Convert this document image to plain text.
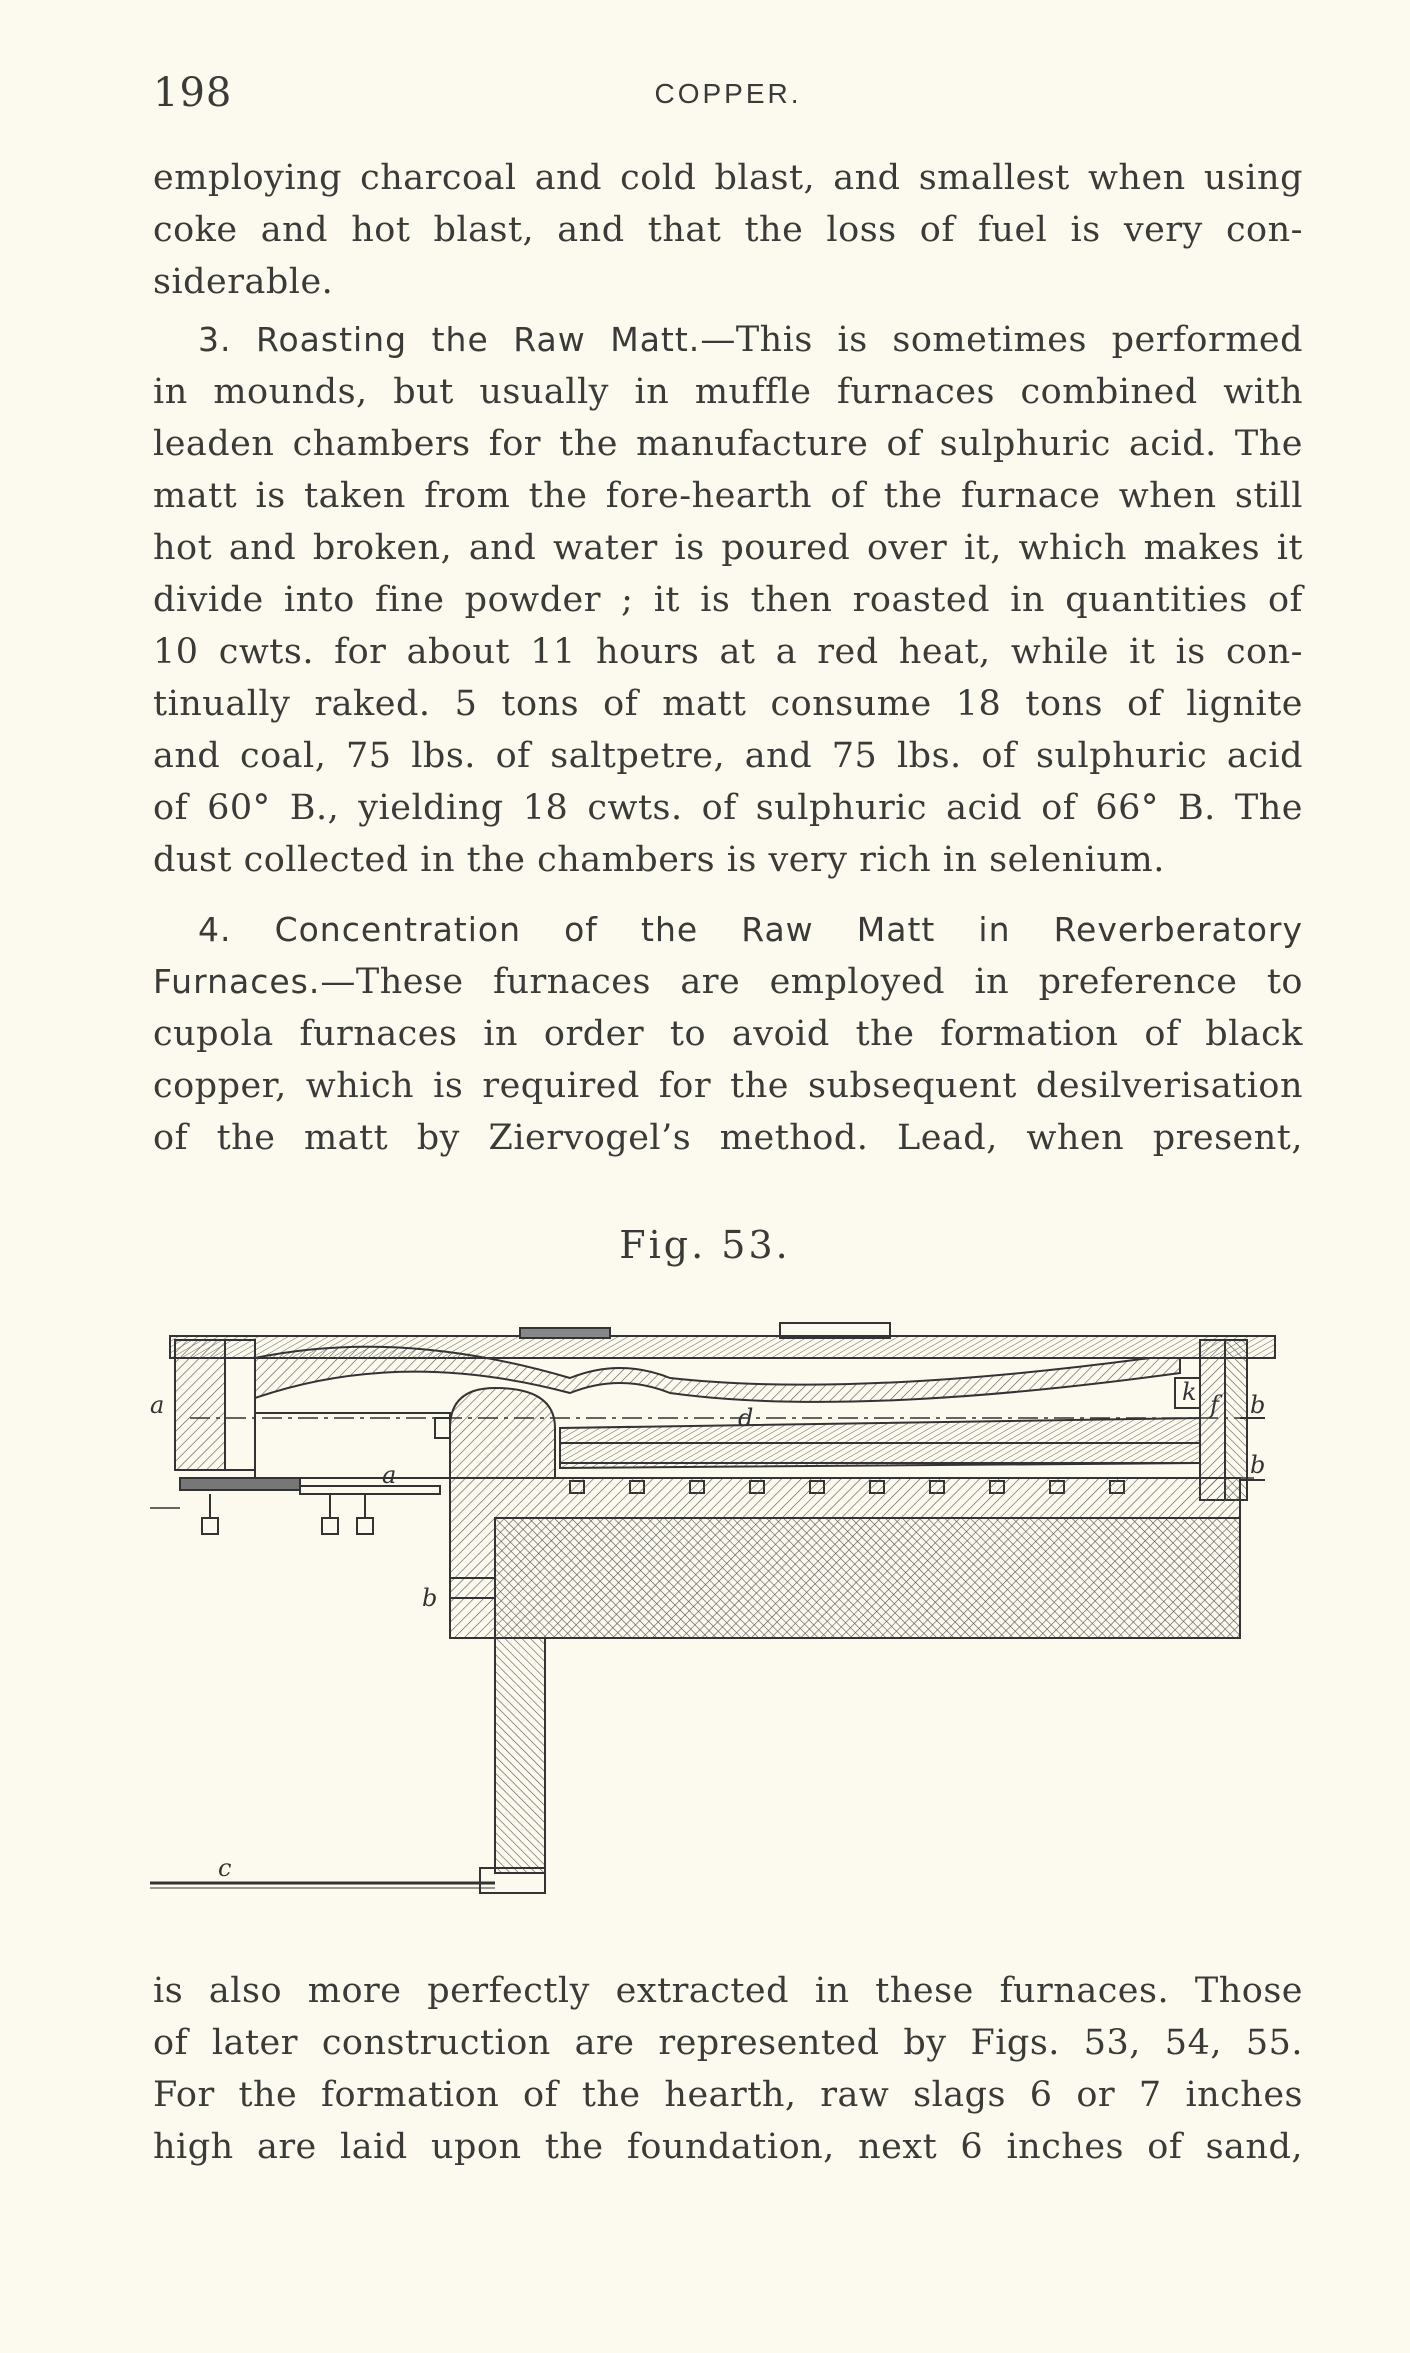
198	COPPER.
employing charcoal and cold blast, and smallest when using
coke and hot blast, and that the loss of fuel is very con-
siderable.
3. Roasting the Raw Matt.—This is sometimes performed
in mounds, but usually in muffle furnaces combined with
leaden chambers for the manufacture of sulphuric acid. The
matt is taken from the fore-hearth of the furnace when still
hot and broken, and water is poured over it, which makes it
divide into fine powder ; it is then roasted in quantities of
10 cwts. for about 11 hours at a red heat, while it is con-
tinually raked. 5 tons of matt consume 18 tons of lignite
and coal, 75 lbs. of saltpetre, and 75 lbs. of sulphuric acid
of 60° B., yielding 18 cwts. of sulphuric acid of 66° B. The
dust collected in the chambers is very rich in selenium.
4. Concentration of the Raw Matt in Reverberatory
Furnaces.—These furnaces are employed in preference to
cupola furnaces in order to avoid the formation of black
copper, which is required for the subsequent desilverisation
of the matt by Ziervogel’s method. Lead, when present,
Fig. 53.
a
a
b
b
b
c
d	f
k
is also more perfectly extracted in these furnaces. Those
of later construction are represented by Figs. 53, 54, 55.
For the formation of the hearth, raw slags 6 or 7 inches
high are laid upon the foundation, next 6 inches of sand,
